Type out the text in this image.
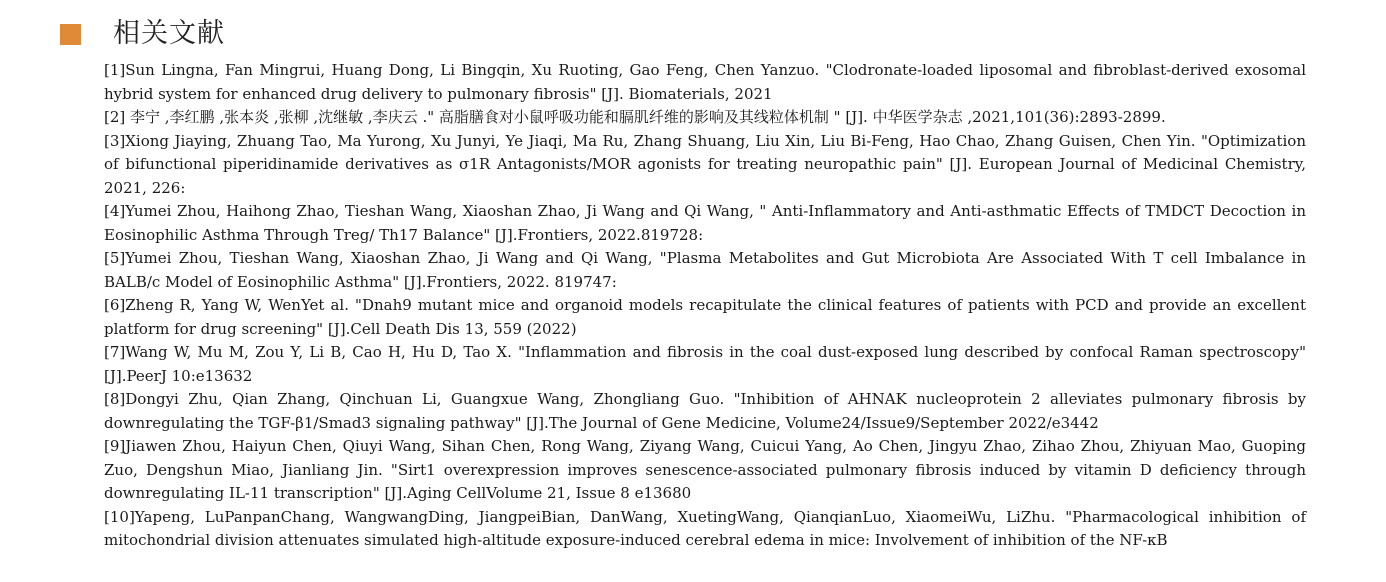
相关文献
[1]Sun Lingna, Fan Mingrui, Huang Dong, Li Bingqin, Xu Ruoting, Gao Feng, Chen Yanzuo. "Clodronate-loaded liposomal and fibroblast-derived exosomal hybrid system for enhanced drug delivery to pulmonary fibrosis" [J]. Biomaterials, 2021
[2] 李宁 ,李红鹏 ,张本炎 ,张柳 ,沈继敏 ,李庆云 ." 高脂膳食对小鼠呼吸功能和膈肌纤维的影响及其线粒体机制 " [J]. 中华医学杂志 ,2021,101(36):2893-2899.
[3]Xiong Jiaying, Zhuang Tao, Ma Yurong, Xu Junyi, Ye Jiaqi, Ma Ru, Zhang Shuang, Liu Xin, Liu Bi-Feng, Hao Chao, Zhang Guisen, Chen Yin. "Optimization of bifunctional piperidinamide derivatives as σ1R Antagonists/MOR agonists for treating neuropathic pain" [J]. European Journal of Medicinal Chemistry, 2021, 226:
[4]Yumei Zhou, Haihong Zhao, Tieshan Wang, Xiaoshan Zhao, Ji Wang and Qi Wang, " Anti-Inflammatory and Anti-asthmatic Effects of TMDCT Decoction in Eosinophilic Asthma Through Treg/ Th17 Balance" [J].Frontiers, 2022.819728:
[5]Yumei Zhou, Tieshan Wang, Xiaoshan Zhao, Ji Wang and Qi Wang, "Plasma Metabolites and Gut Microbiota Are Associated With T cell Imbalance in BALB/c Model of Eosinophilic Asthma" [J].Frontiers, 2022. 819747:
[6]Zheng R, Yang W, WenYet al. "Dnah9 mutant mice and organoid models recapitulate the clinical features of patients with PCD and provide an excellent platform for drug screening" [J].Cell Death Dis 13, 559 (2022)
[7]Wang W, Mu M, Zou Y, Li B, Cao H, Hu D, Tao X. "Inflammation and fibrosis in the coal dust-exposed lung described by confocal Raman spectroscopy" [J].PeerJ 10:e13632
[8]Dongyi Zhu, Qian Zhang, Qinchuan Li, Guangxue Wang, Zhongliang Guo. "Inhibition of AHNAK nucleoprotein 2 alleviates pulmonary fibrosis by downregulating the TGF-β1/Smad3 signaling pathway" [J].The Journal of Gene Medicine, Volume24/Issue9/September 2022/e3442
[9]Jiawen Zhou, Haiyun Chen, Qiuyi Wang, Sihan Chen, Rong Wang, Ziyang Wang, Cuicui Yang, Ao Chen, Jingyu Zhao, Zihao Zhou, Zhiyuan Mao, Guoping Zuo, Dengshun Miao, Jianliang Jin. "Sirt1 overexpression improves senescence-associated pulmonary fibrosis induced by vitamin D deficiency through downregulating IL-11 transcription" [J].Aging CellVolume 21, Issue 8 e13680
[10]Yapeng, LuPanpanChang, WangwangDing, JiangpeiBian, DanWang, XuetingWang, QianqianLuo, XiaomeiWu, LiZhu. "Pharmacological inhibition of mitochondrial division attenuates simulated high-altitude exposure-induced cerebral edema in mice: Involvement of inhibition of the NF-κB
